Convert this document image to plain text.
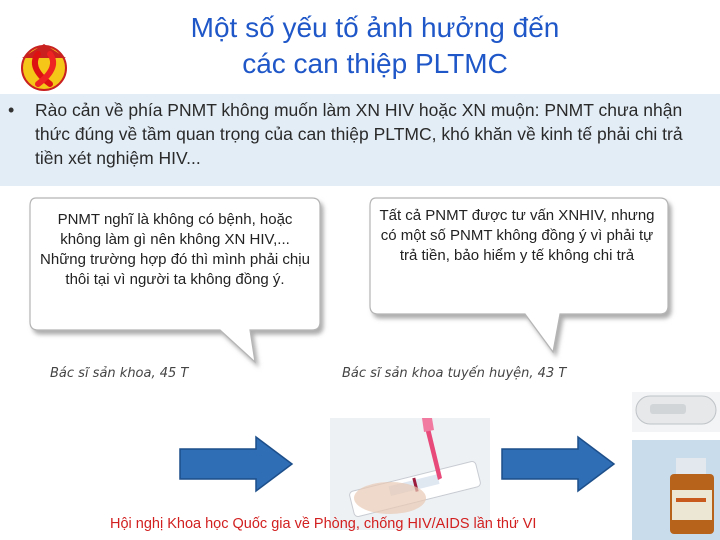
Một số yếu tố ảnh hưởng đến
các can thiệp PLTMC
• Rào cản về phía PNMT không muốn làm XN HIV hoặc XN muộn: PNMT chưa nhận thức đúng về tầm quan trọng của can thiệp PLTMC, khó khăn về kinh tế phải chi trả tiền xét nghiệm HIV...
PNMT nghĩ là không có bệnh, hoặc không làm gì nên không XN HIV,... Những trường hợp đó thì mình phải chịu thôi tại vì người ta không đồng ý.
Tất cả PNMT được tư vấn XNHIV, nhưng có một số PNMT không đồng ý vì phải tự trả tiền, bảo hiểm y tế không chi trả
Bác sĩ sản khoa, 45 T	Bác sĩ sản khoa tuyến huyện, 43 T
Hội nghị Khoa học Quốc gia về Phòng, chống HIV/AIDS lần thứ VI
